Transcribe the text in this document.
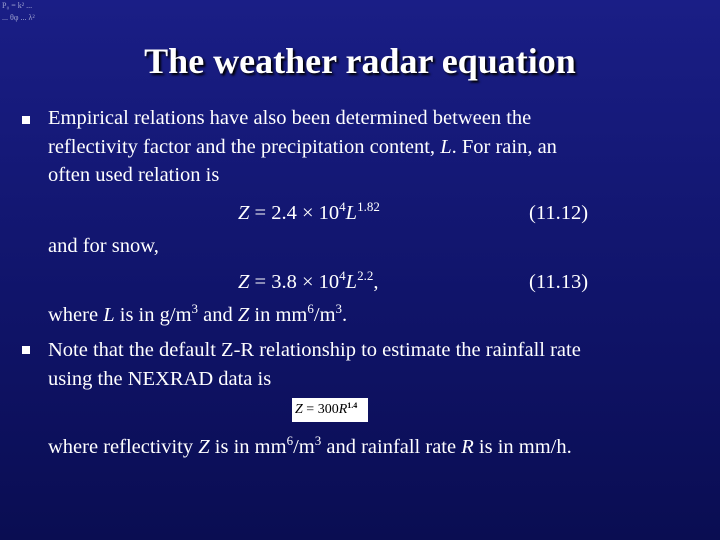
P₀ = k² ...
... θφ ... λ²
The weather radar equation
Empirical relations have also been determined between the
reflectivity factor and the precipitation content, L. For rain, an
often used relation is
$Z = 2.4 \times 10^4L^{1.82}$	(11.12)
and for snow,
$Z = 3.8 \times 10^4L^{2.2}$,	(11.13)
where L is in $g/m^3$ and Z in $mm^6/m^3$.
Note that the default Z-R relationship to estimate the rainfall rate
using the NEXRAD data is
$Z = 300R^{1.4}$
where reflectivity Z is in $mm^6/m^3$ and rainfall rate R is in mm/h.
